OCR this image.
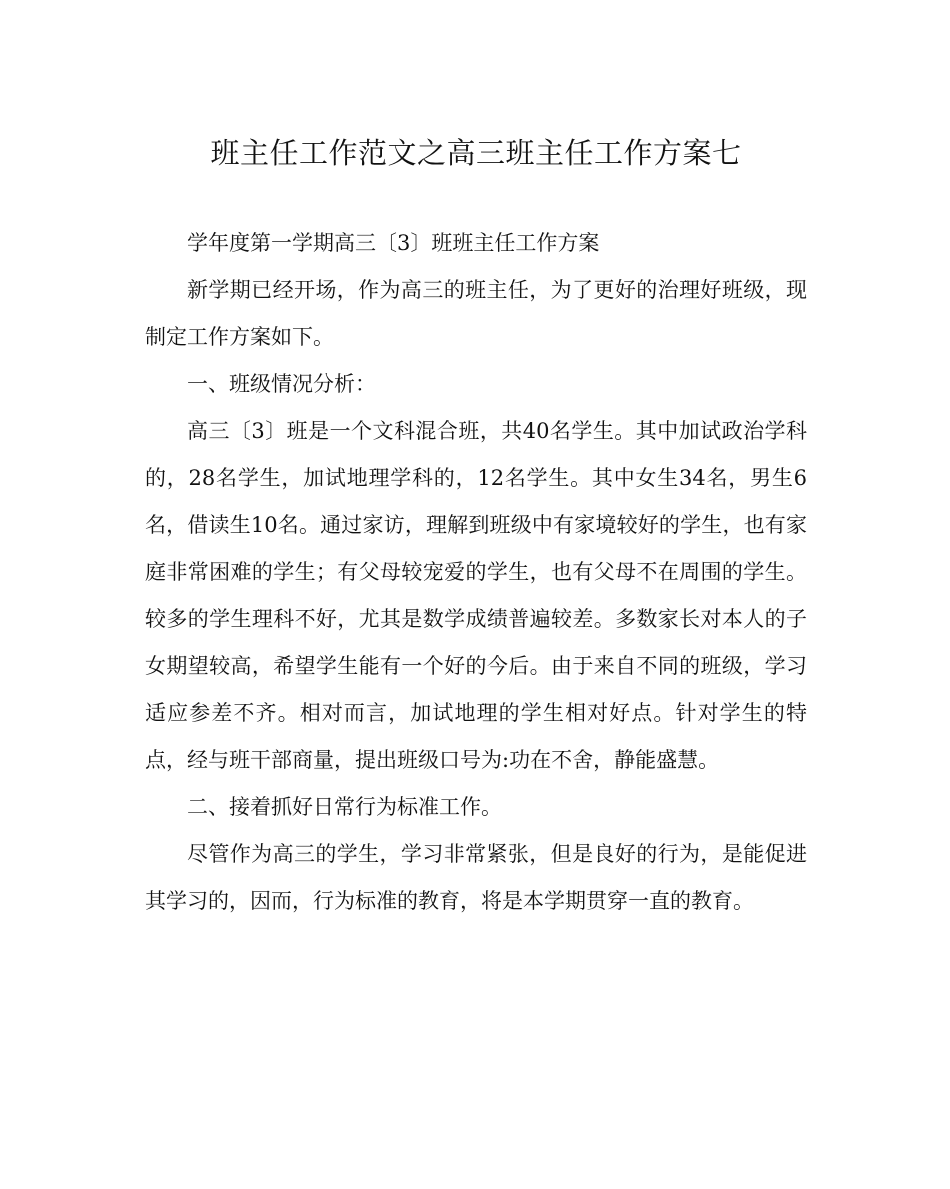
班主任工作范文之高三班主任工作方案七

学年度第一学期高三〔3〕班班主任工作方案

新学期已经开场，作为高三的班主任，为了更好的治理好班级，现制定工作方案如下。

一、班级情况分析：

高三〔3〕班是一个文科混合班，共40名学生。其中加试政治学科的，28名学生，加试地理学科的，12名学生。其中女生34名，男生6名，借读生10名。通过家访，理解到班级中有家境较好的学生，也有家庭非常困难的学生；有父母较宠爱的学生，也有父母不在周围的学生。较多的学生理科不好，尤其是数学成绩普遍较差。多数家长对本人的子女期望较高，希望学生能有一个好的今后。由于来自不同的班级，学习适应参差不齐。相对而言，加试地理的学生相对好点。针对学生的特点，经与班干部商量，提出班级口号为:功在不舍，静能盛慧。

二、接着抓好日常行为标准工作。

尽管作为高三的学生，学习非常紧张，但是良好的行为，是能促进其学习的，因而，行为标准的教育，将是本学期贯穿一直的教育。
